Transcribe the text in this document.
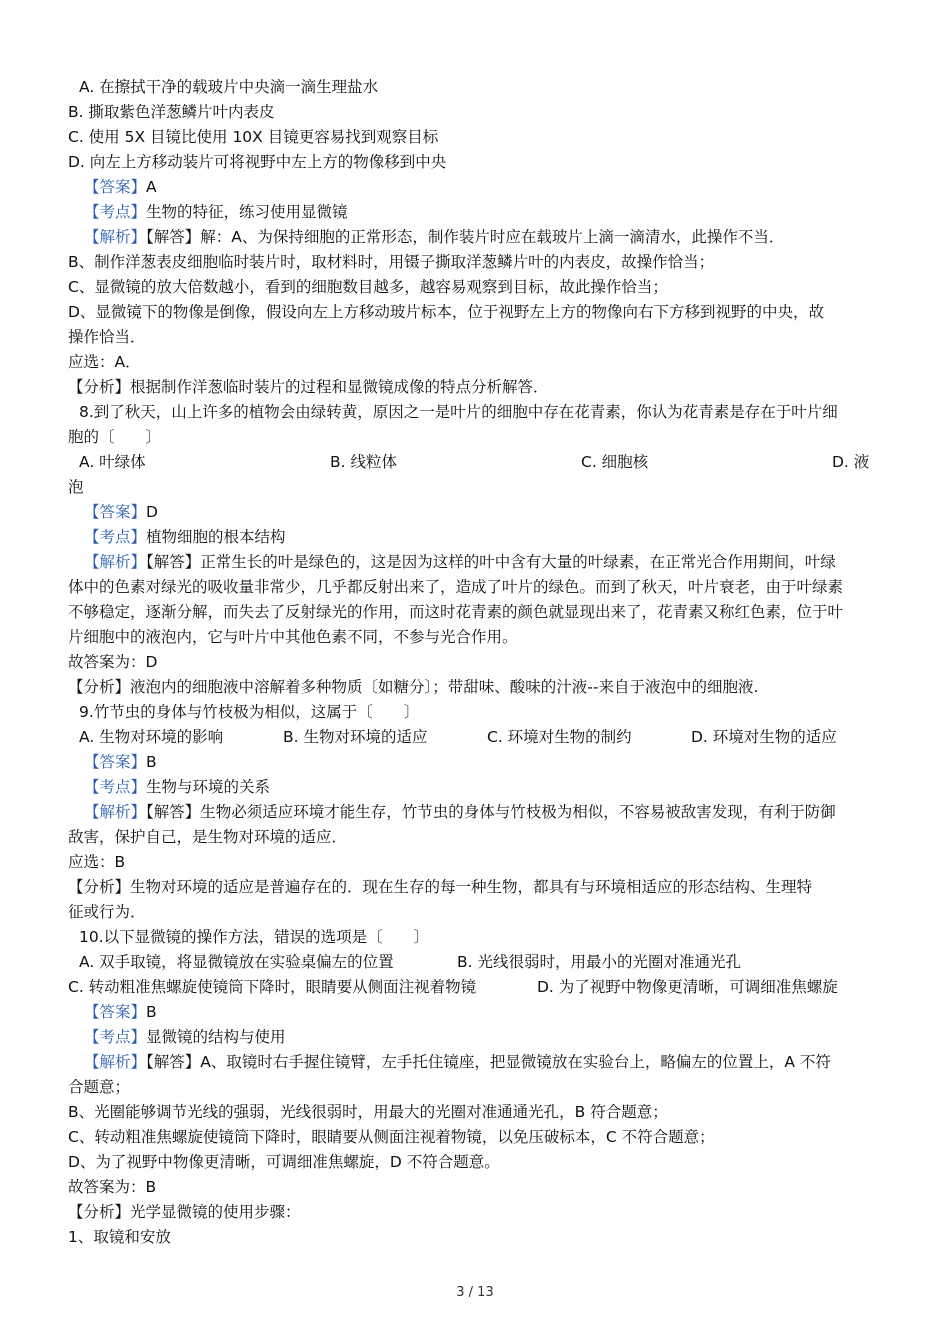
A. 在擦拭干净的载玻片中央滴一滴生理盐水
B. 撕取紫色洋葱鳞片叶内表皮
C. 使用 5X 目镜比使用 10X 目镜更容易找到观察目标
D. 向左上方移动装片可将视野中左上方的物像移到中央
【答案】A
【考点】生物的特征，练习使用显微镜
【解析】【解答】解：A、为保持细胞的正常形态，制作装片时应在载玻片上滴一滴清水，此操作不当．
B、制作洋葱表皮细胞临时装片时，取材料时，用镊子撕取洋葱鳞片叶的内表皮，故操作恰当；
C、显微镜的放大倍数越小，看到的细胞数目越多，越容易观察到目标，故此操作恰当；
D、显微镜下的物像是倒像，假设向左上方移动玻片标本，位于视野左上方的物像向右下方移到视野的中央，故
操作恰当．
应选：A．
【分析】根据制作洋葱临时装片的过程和显微镜成像的特点分析解答．
8.到了秋天，山上许多的植物会由绿转黄，原因之一是叶片的细胞中存在花青素，你认为花青素是存在于叶片细
胞的〔　　〕
A. 叶绿体	B. 线粒体	C. 细胞核	D. 液
泡
【答案】D
【考点】植物细胞的根本结构
【解析】【解答】正常生长的叶是绿色的，这是因为这样的叶中含有大量的叶绿素，在正常光合作用期间，叶绿
体中的色素对绿光的吸收量非常少，几乎都反射出来了，造成了叶片的绿色。而到了秋天，叶片衰老，由于叶绿素
不够稳定，逐渐分解，而失去了反射绿光的作用，而这时花青素的颜色就显现出来了，花青素又称红色素，位于叶
片细胞中的液泡内，它与叶片中其他色素不同，不参与光合作用。
故答案为：D
【分析】液泡内的细胞液中溶解着多种物质〔如糖分〕；带甜味、酸味的汁液--来自于液泡中的细胞液.
9.竹节虫的身体与竹枝极为相似，这属于〔　　〕
A. 生物对环境的影响	B. 生物对环境的适应	C. 环境对生物的制约	D. 环境对生物的适应
【答案】B
【考点】生物与环境的关系
【解析】【解答】生物必须适应环境才能生存，竹节虫的身体与竹枝极为相似，不容易被敌害发现，有利于防御
敌害，保护自己，是生物对环境的适应．
应选：B
【分析】生物对环境的适应是普遍存在的．现在生存的每一种生物，都具有与环境相适应的形态结构、生理特
征或行为．
10.以下显微镜的操作方法，错误的选项是〔　　〕
A. 双手取镜，将显微镜放在实验桌偏左的位置	B. 光线很弱时，用最小的光圈对准通光孔
C. 转动粗准焦螺旋使镜筒下降时，眼睛要从侧面注视着物镜	D. 为了视野中物像更清晰，可调细准焦螺旋
【答案】B
【考点】显微镜的结构与使用
【解析】【解答】A、取镜时右手握住镜臂，左手托住镜座，把显微镜放在实验台上，略偏左的位置上，A 不符
合题意；
B、光圈能够调节光线的强弱，光线很弱时，用最大的光圈对准通通光孔，B 符合题意；
C、转动粗准焦螺旋使镜筒下降时，眼睛要从侧面注视着物镜，以免压破标本，C 不符合题意；
D、为了视野中物像更清晰，可调细准焦螺旋，D 不符合题意。
故答案为：B
【分析】光学显微镜的使用步骤：
1、取镜和安放
3 / 13
